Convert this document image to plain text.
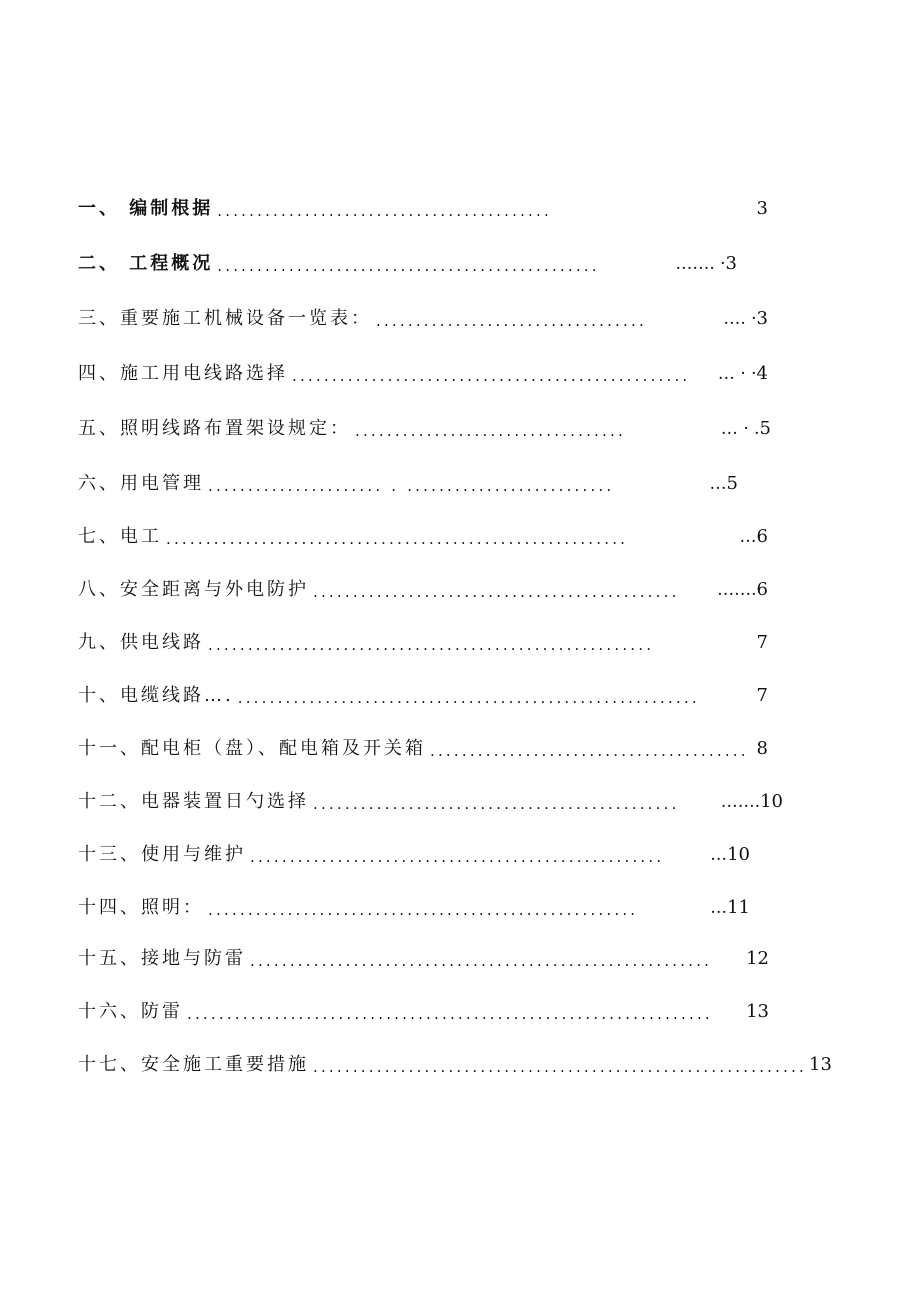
一、 编制根据 ..........................................	3
二、 工程概况 ................................................	……. · 3
三、重要施工机械设备一览表： ..................................	…. · 3
四、施工用电线路选择 ..................................................	… · · 4
五、照明线路布置架设规定： ..................................	… · . 5
六、用电管理 ...................... . ..........................	… 5
七、电工 ..........................................................	… 6
八、安全距离与外电防护 ..............................................	……. 6
九、供电线路 ........................................................	7
十、电缆线路…. ..........................................................	7
十一、配电柜（盘）、配电箱及开关箱 ........................................ 8
十二、电器装置日勺选择 ..............................................	……. 10
十三、使用与维护 ....................................................	… 10
十四、照明： ......................................................	… 11
十五、接地与防雷 ..........................................................	12
十六、防雷 ..................................................................	13
十七、安全施工重要措施 .............................................................. 13
